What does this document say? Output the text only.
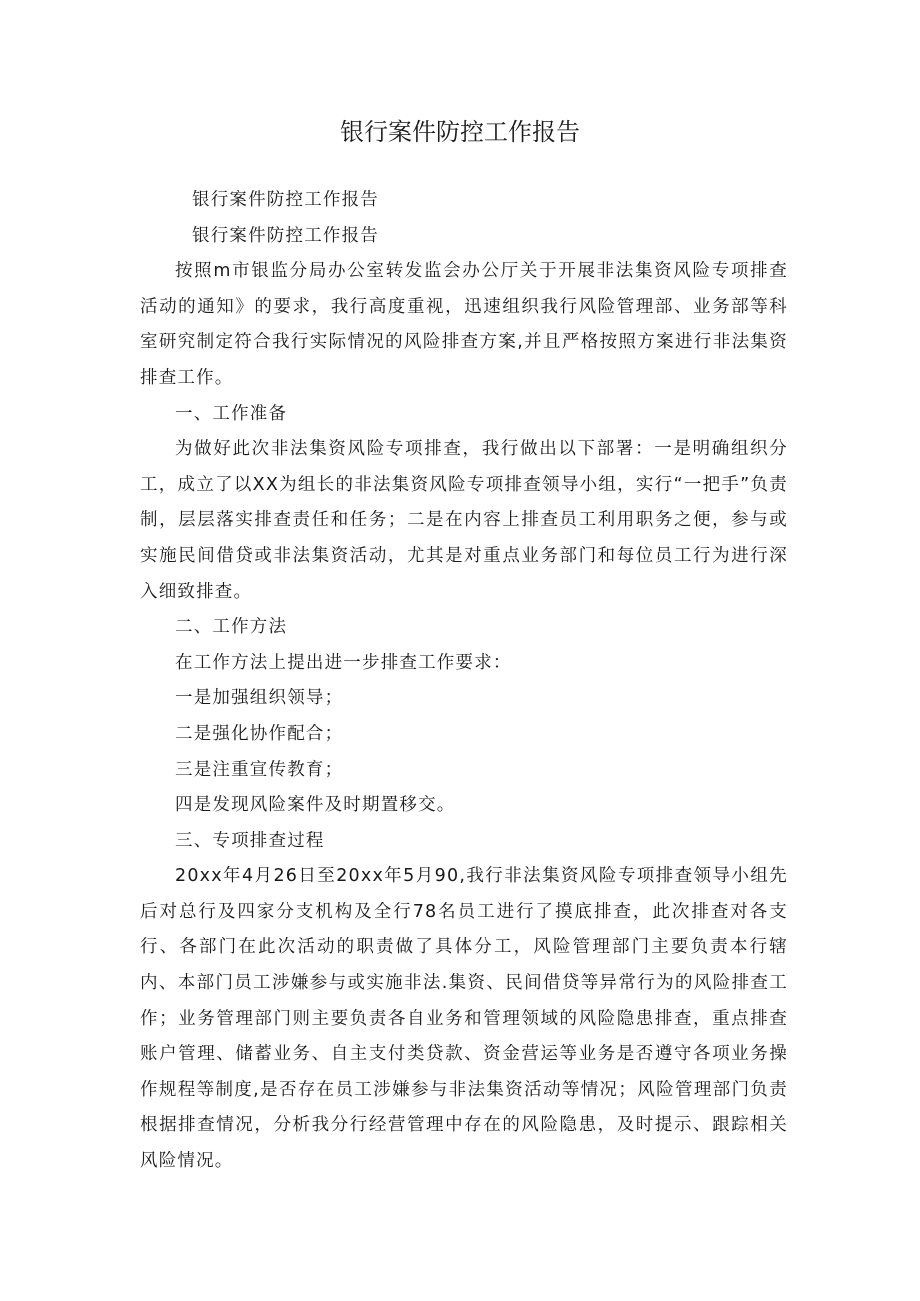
银行案件防控工作报告

银行案件防控工作报告

银行案件防控工作报告

按照m市银监分局办公室转发监会办公厅关于开展非法集资风险专项排查活动的通知》的要求，我行高度重视，迅速组织我行风险管理部、业务部等科室研究制定符合我行实际情况的风险排查方案,并且严格按照方案进行非法集资排查工作。

一、工作准备

为做好此次非法集资风险专项排查，我行做出以下部署：一是明确组织分工，成立了以XX为组长的非法集资风险专项排查领导小组，实行“一把手”负责制，层层落实排查责任和任务；二是在内容上排查员工利用职务之便，参与或实施民间借贷或非法集资活动，尤其是对重点业务部门和每位员工行为进行深入细致排查。

二、工作方法

在工作方法上提出进一步排查工作要求：

一是加强组织领导；

二是强化协作配合；

三是注重宣传教育；

四是发现风险案件及时期置移交。

三、专项排查过程

20xx年4月26日至20xx年5月90,我行非法集资风险专项排查领导小组先后对总行及四家分支机构及全行78名员工进行了摸底排查，此次排查对各支行、各部门在此次活动的职责做了具体分工，风险管理部门主要负责本行辖内、本部门员工涉嫌参与或实施非法.集资、民间借贷等异常行为的风险排查工作；业务管理部门则主要负责各自业务和管理领域的风险隐患排查，重点排查账户管理、储蓄业务、自主支付类贷款、资金营运等业务是否遵守各项业务操作规程等制度,是否存在员工涉嫌参与非法集资活动等情况；风险管理部门负责根据排查情况，分析我分行经营管理中存在的风险隐患，及时提示、跟踪相关风险情况。
